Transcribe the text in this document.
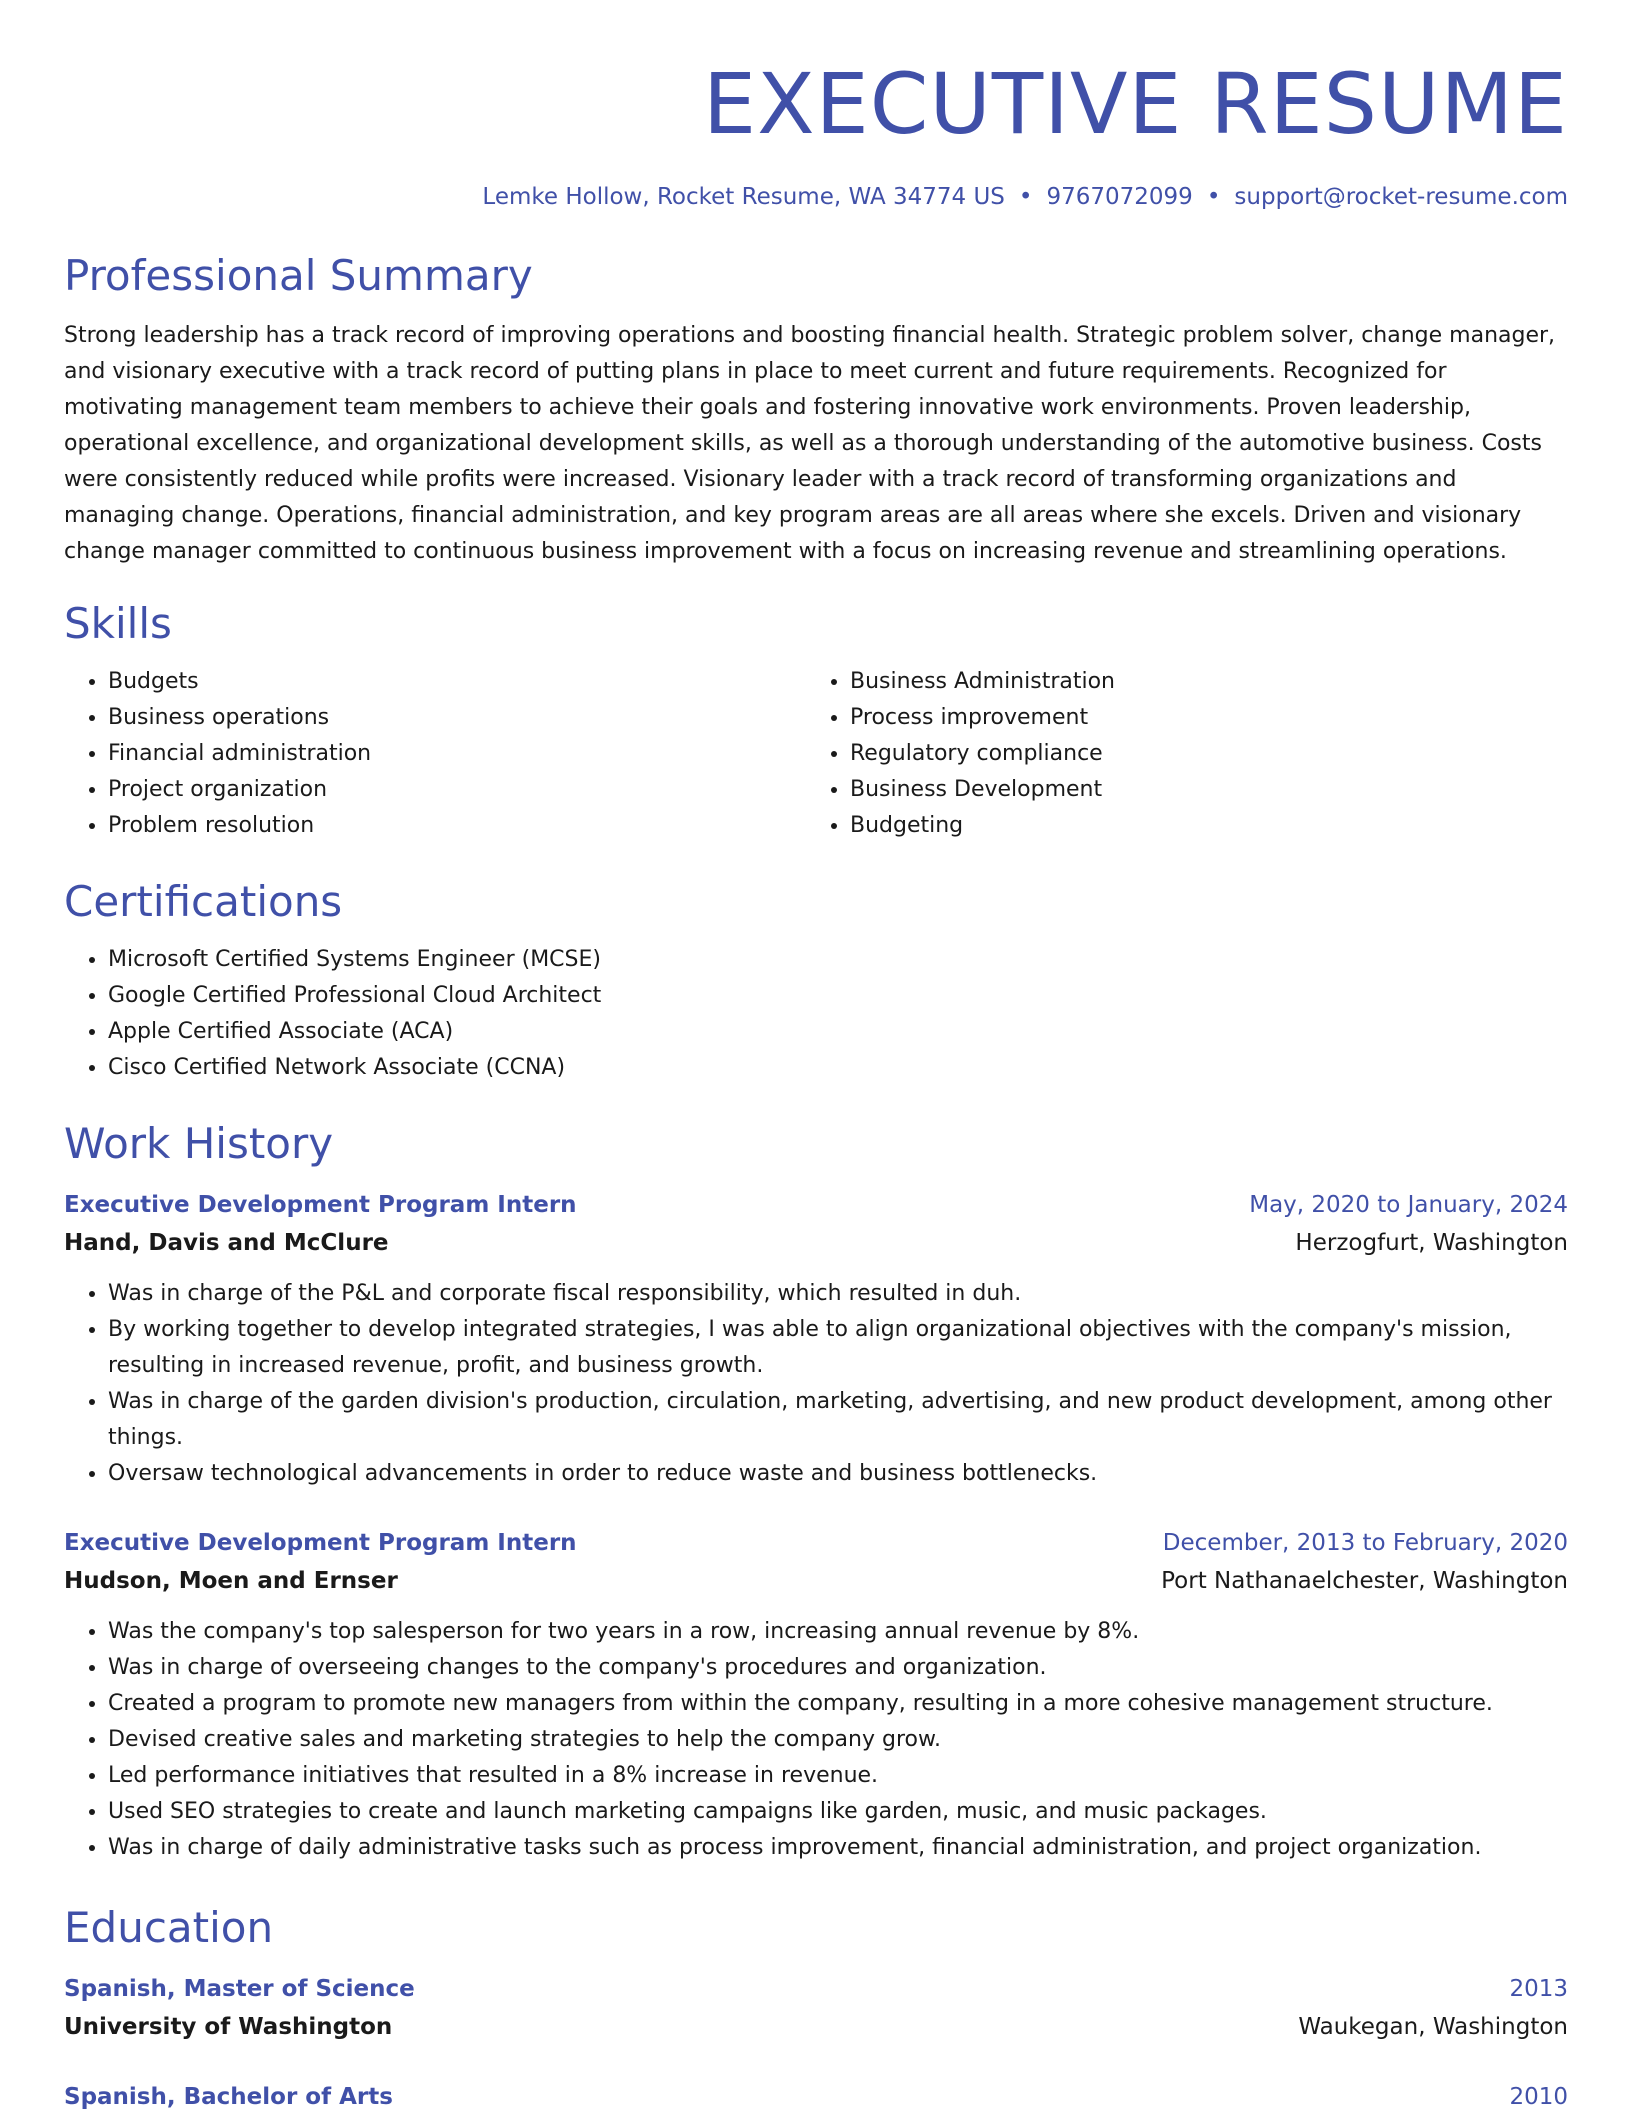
EXECUTIVE RESUME
Lemke Hollow, Rocket Resume, WA 34774 US • 9767072099 • support@rocket-resume.com
Professional Summary

Strong leadership has a track record of improving operations and boosting financial health. Strategic problem solver, change manager, and visionary executive with a track record of putting plans in place to meet current and future requirements. Recognized for motivating management team members to achieve their goals and fostering innovative work environments. Proven leadership, operational excellence, and organizational development skills, as well as a thorough understanding of the automotive business. Costs were consistently reduced while profits were increased. Visionary leader with a track record of transforming organizations and managing change. Operations, financial administration, and key program areas are all areas where she excels. Driven and visionary change manager committed to continuous business improvement with a focus on increasing revenue and streamlining operations.

Skills
• Budgets
• Business operations
• Financial administration
• Project organization
• Problem resolution
• Business Administration
• Process improvement
• Regulatory compliance
• Business Development
• Budgeting
Certifications
• Microsoft Certified Systems Engineer (MCSE)
• Google Certified Professional Cloud Architect
• Apple Certified Associate (ACA)
• Cisco Certified Network Associate (CCNA)
Work History
Executive Development Program Intern	May, 2020 to January, 2024
Hand, Davis and McClure	Herzogfurt, Washington
• Was in charge of the P&L and corporate fiscal responsibility, which resulted in duh.
• By working together to develop integrated strategies, I was able to align organizational objectives with the company's mission, resulting in increased revenue, profit, and business growth.
• Was in charge of the garden division's production, circulation, marketing, advertising, and new product development, among other things.
• Oversaw technological advancements in order to reduce waste and business bottlenecks.
Executive Development Program Intern	December, 2013 to February, 2020
Hudson, Moen and Ernser	Port Nathanaelchester, Washington
• Was the company's top salesperson for two years in a row, increasing annual revenue by 8%.
• Was in charge of overseeing changes to the company's procedures and organization.
• Created a program to promote new managers from within the company, resulting in a more cohesive management structure.
• Devised creative sales and marketing strategies to help the company grow.
• Led performance initiatives that resulted in a 8% increase in revenue.
• Used SEO strategies to create and launch marketing campaigns like garden, music, and music packages.
• Was in charge of daily administrative tasks such as process improvement, financial administration, and project organization.
Education
Spanish, Master of Science	2013
University of Washington	Waukegan, Washington
Spanish, Bachelor of Arts	2010
